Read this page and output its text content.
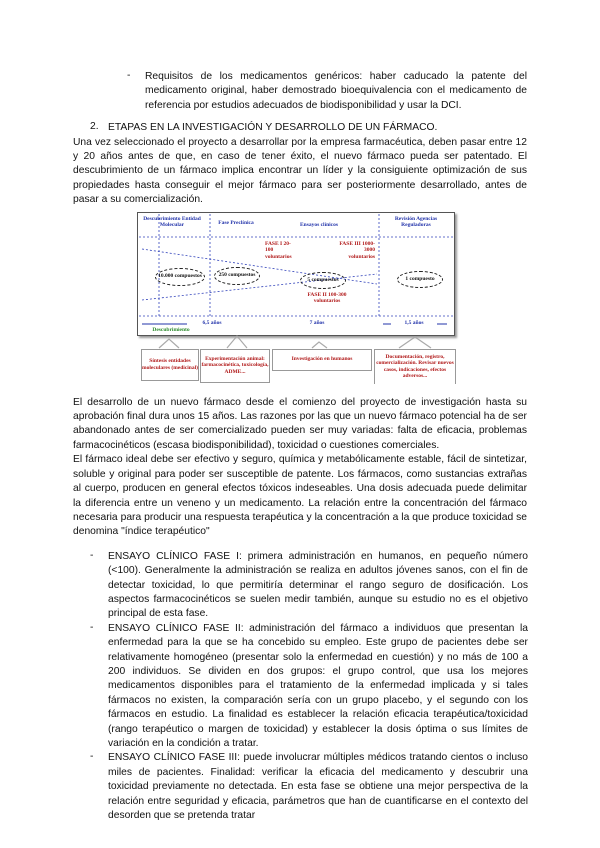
-	Requisitos de los medicamentos genéricos: haber caducado la patente del medicamento original, haber demostrado bioequivalencia con el medicamento de referencia por estudios adecuados de biodisponibilidad y usar la DCI.
2. ETAPAS EN LA INVESTIGACIÓN Y DESARROLLO DE UN FÁRMACO.
Una vez seleccionado el proyecto a desarrollar por la empresa farmacéutica, deben pasar entre 12 y 20 años antes de que, en caso de tener éxito, el nuevo fármaco pueda ser patentado. El descubrimiento de un fármaco implica encontrar un líder y la consiguiente optimización de sus propiedades hasta conseguir el mejor fármaco para ser posteriormente desarrollado, antes de pasar a su comercialización.
Descubrimiento Entidad Molecular	Fase Preclínica	Ensayos clínicos
Revisión Agencias Reguladoras
FASE I 20-100 voluntarios
FASE III 1000-3000 voluntarios
FASE II 100-300 voluntarios
10.000 compuestos	250 compuestos
5 compuestos	1 compuesto
6,5 años	7 años	1,5 años
Descubrimiento
Síntesis entidades moleculares (medicinal)
Experimentación animal: farmacocinética, toxicología, ADME...
Investigación en humanos	Documentación, registro, comercialización. Revisar nuevos casos, indicaciones, efectos adversos...
El desarrollo de un nuevo fármaco desde el comienzo del proyecto de investigación hasta su aprobación final dura unos 15 años. Las razones por las que un nuevo fármaco potencial ha de ser abandonado antes de ser comercializado pueden ser muy variadas: falta de eficacia, problemas farmacocinéticos (escasa biodisponibilidad), toxicidad o cuestiones comerciales.
El fármaco ideal debe ser efectivo y seguro, química y metabólicamente estable, fácil de sintetizar, soluble y original para poder ser susceptible de patente. Los fármacos, como sustancias extrañas al cuerpo, producen en general efectos tóxicos indeseables. Una dosis adecuada puede delimitar la diferencia entre un veneno y un medicamento. La relación entre la concentración del fármaco necesaria para producir una respuesta terapéutica y la concentración a la que produce toxicidad se denomina "índice terapéutico"
-	ENSAYO CLÍNICO FASE I: primera administración en humanos, en pequeño número (<100). Generalmente la administración se realiza en adultos jóvenes sanos, con el fin de detectar toxicidad, lo que permitiría determinar el rango seguro de dosificación. Los aspectos farmacocinéticos se suelen medir también, aunque su estudio no es el objetivo principal de esta fase.
-	ENSAYO CLÍNICO FASE II: administración del fármaco a individuos que presentan la enfermedad para la que se ha concebido su empleo. Este grupo de pacientes debe ser relativamente homogéneo (presentar solo la enfermedad en cuestión) y no más de 100 a 200 individuos. Se dividen en dos grupos: el grupo control, que usa los mejores medicamentos disponibles para el tratamiento de la enfermedad implicada y si tales fármacos no existen, la comparación sería con un grupo placebo, y el segundo con los fármacos en estudio. La finalidad es establecer la relación eficacia terapéutica/toxicidad (rango terapéutico o margen de toxicidad) y establecer la dosis óptima o sus límites de variación en la condición a tratar.
-	ENSAYO CLÍNICO FASE III: puede involucrar múltiples médicos tratando cientos o incluso miles de pacientes. Finalidad: verificar la eficacia del medicamento y descubrir una toxicidad previamente no detectada. En esta fase se obtiene una mejor perspectiva de la relación entre seguridad y eficacia, parámetros que han de cuantificarse en el contexto del desorden que se pretenda tratar
